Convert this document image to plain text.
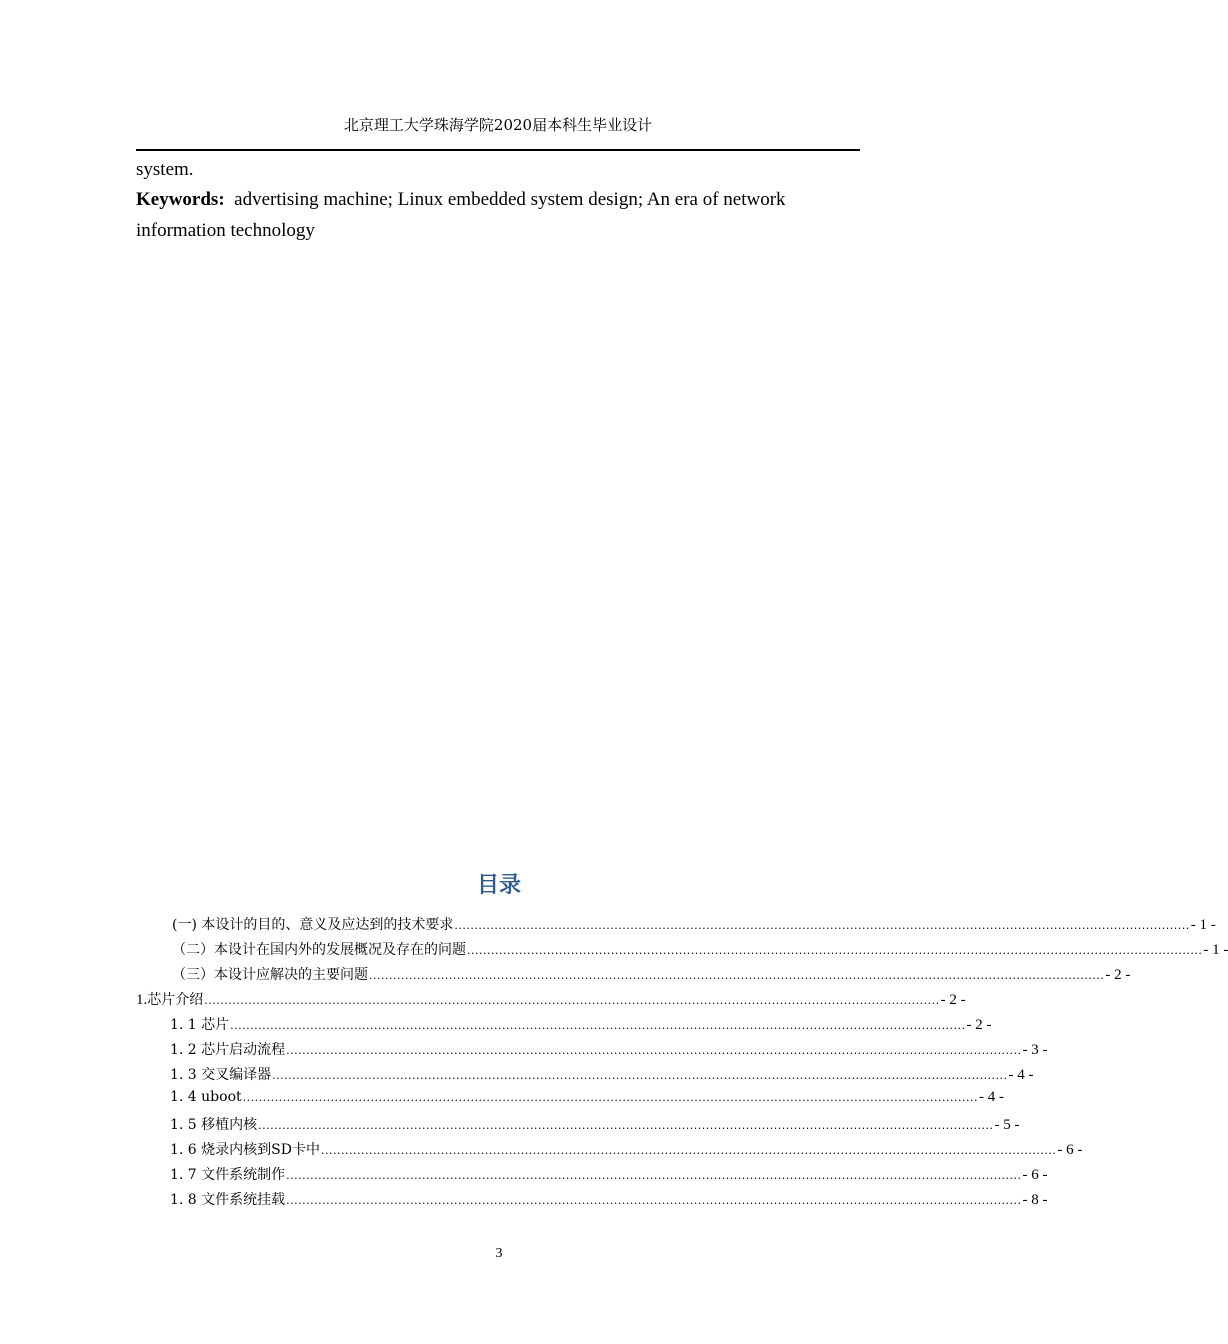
北京理工大学珠海学院2020届本科生毕业设计
system.
Keywords: advertising machine; Linux embedded system design; An era of network
information technology
目录
(一) 本设计的目的、意义及应达到的技术要求 ........................................................................................................................................................................................ - 1 -
（二）本设计在国内外的发展概况及存在的问题 ........................................................................................................................................................................................ - 1 -
（三）本设计应解决的主要问题 ........................................................................................................................................................................................ - 2 -
1. 芯片介绍 ........................................................................................................................................................................................ - 2 -
1. 1 芯片 ........................................................................................................................................................................................ - 2 -
1. 2 芯片启动流程 ........................................................................................................................................................................................ - 3 -
1. 3 交叉编译器 ........................................................................................................................................................................................ - 4 -
1. 4 uboot ........................................................................................................................................................................................ - 4 -
1. 5 移植内核 ........................................................................................................................................................................................ - 5 -
1. 6 烧录内核到SD卡中 ........................................................................................................................................................................................ - 6 -
1. 7 文件系统制作 ........................................................................................................................................................................................ - 6 -
1. 8 文件系统挂载 ........................................................................................................................................................................................ - 8 -
3
